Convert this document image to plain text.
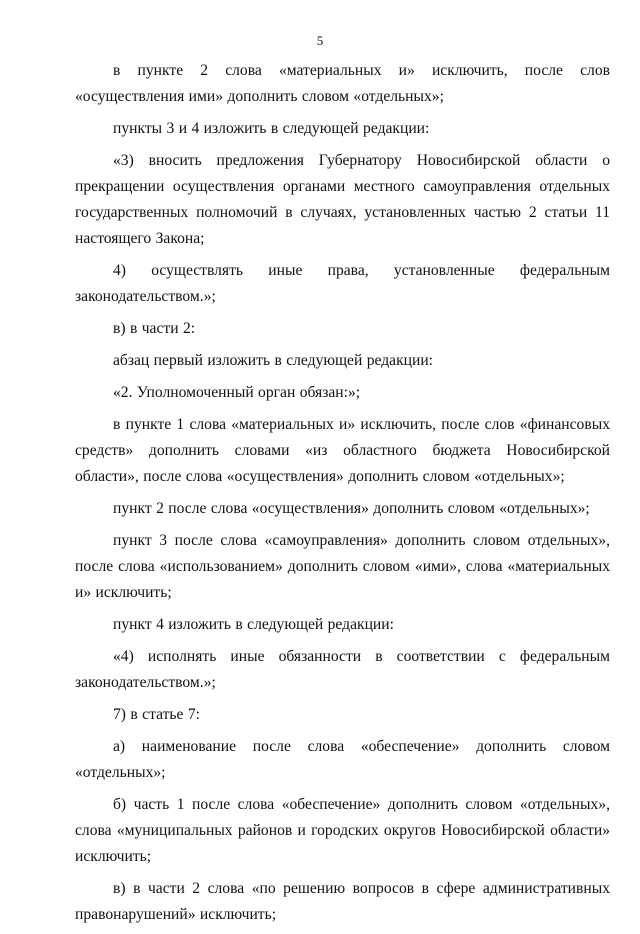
5

в пункте 2 слова «материальных и» исключить, после слов «осуществления ими» дополнить словом «отдельных»;

пункты 3 и 4 изложить в следующей редакции:

«3) вносить предложения Губернатору Новосибирской области о прекращении осуществления органами местного самоуправления отдельных государственных полномочий в случаях, установленных частью 2 статьи 11 настоящего Закона;

4) осуществлять иные права, установленные федеральным законодательством.»;

в) в части 2:

абзац первый изложить в следующей редакции:

«2. Уполномоченный орган обязан:»;

в пункте 1 слова «материальных и» исключить, после слов «финансовых средств» дополнить словами «из областного бюджета Новосибирской области», после слова «осуществления» дополнить словом «отдельных»;

пункт 2 после слова «осуществления» дополнить словом «отдельных»;

пункт 3 после слова «самоуправления» дополнить словом отдельных», после слова «использованием» дополнить словом «ими», слова «материальных и» исключить;

пункт 4 изложить в следующей редакции:

«4) исполнять иные обязанности в соответствии с федеральным законодательством.»;

7) в статье 7:

а) наименование после слова «обеспечение» дополнить словом «отдельных»;

б) часть 1 после слова «обеспечение» дополнить словом «отдельных», слова «муниципальных районов и городских округов Новосибирской области» исключить;

в) в части 2 слова «по решению вопросов в сфере административных правонарушений» исключить;
